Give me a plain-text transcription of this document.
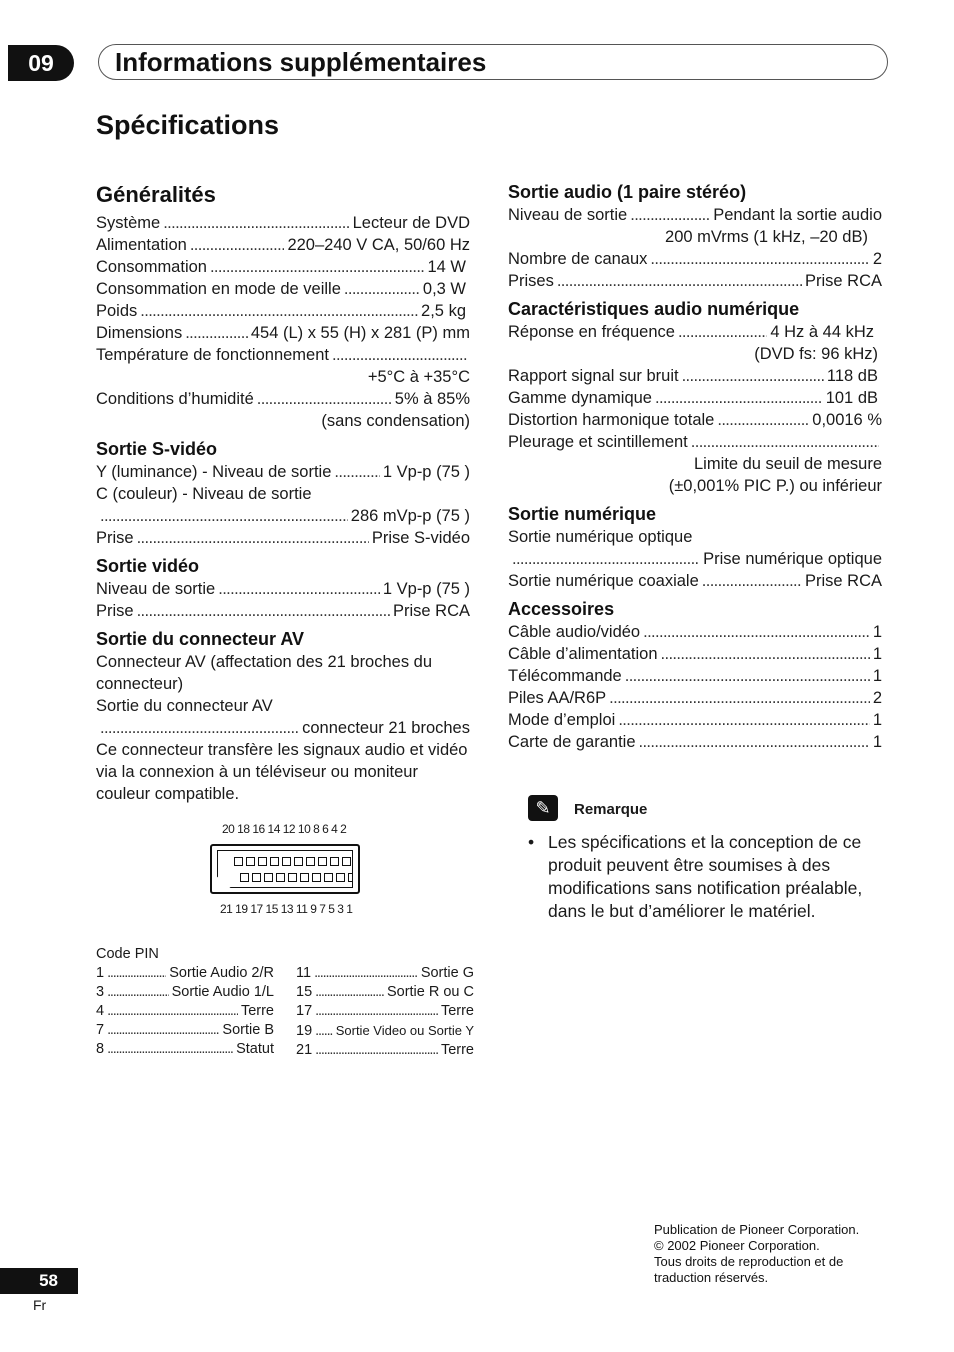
09	Informations supplémentaires
Spécifications
Généralités
Système . . .	Lecteur de DVD
Alimentation . . .	220–240 V CA, 50/60 Hz
Consommation . . .	14 W
Consommation en mode de veille . . .	0,3 W
Poids . . .	2,5 kg
Dimensions . . .	454 (L) x 55 (H) x 281 (P) mm
Température de fonctionnement
. . .
+5°C à +35°C
Conditions d’humidité . . .	5% à 85%
(sans condensation)
Sortie S-vidéo
Y (luminance) - Niveau de sortie . . .	1 Vp-p (75 )
C (couleur) - Niveau de sortie
. . .
286 mVp-p (75 )
Prise . . .	Prise S-vidéo
Sortie vidéo
Niveau de sortie . . .	1 Vp-p (75 )
Prise . . .	Prise RCA
Sortie du connecteur AV
Connecteur AV (affectation des 21 broches du connecteur)
Sortie du connecteur AV
. . .
connecteur 21 broches
Ce connecteur transfère les signaux audio et vidéo via la connexion à un téléviseur ou moniteur couleur compatible.
20 18 16 14 12 10 8 6 4 2
21 19 17 15 13 11 9 7 5 3 1
Code PIN
1 . . .	Sortie Audio 2/R
3 . . .	Sortie Audio 1/L
4 . . .	Terre
7 . . .	Sortie B
8 . . .	Statut
11 . . .	Sortie G
15 . . .	Sortie R ou C
17 . . .	Terre
19 . . . Sortie Video ou Sortie Y
21 . . .	Terre
Sortie audio (1 paire stéréo)
Niveau de sortie . . .	Pendant la sortie audio
200 mVrms (1 kHz, –20 dB)
Nombre de canaux . . .	2
Prises . . .	Prise RCA
Caractéristiques audio numérique
Réponse en fréquence . . .	4 Hz à 44 kHz
(DVD fs: 96 kHz)
Rapport signal sur bruit . . .	118 dB
Gamme dynamique . . .	101 dB
Distortion harmonique totale . . .	0,0016 %
Pleurage et scintillement
. . .
Limite du seuil de mesure
(±0,001% PIC P.) ou inférieur
Sortie numérique
Sortie numérique optique
. . .
Prise numérique optique
Sortie numérique coaxiale . . .	Prise RCA
Accessoires
Câble audio/vidéo . . .	1
Câble d’alimentation . . .	1
Télécommande . . .	1
Piles AA/R6P . . .	2
Mode d’emploi . . .	1
Carte de garantie . . .	1
✎	Remarque
• Les spécifications et la conception de ce produit peuvent être soumises à des modifications sans notification préalable, dans le but d’améliorer le matériel.
Publication de Pioneer Corporation.
© 2002 Pioneer Corporation.
Tous droits de reproduction et de
traduction réservés.
58
Fr
